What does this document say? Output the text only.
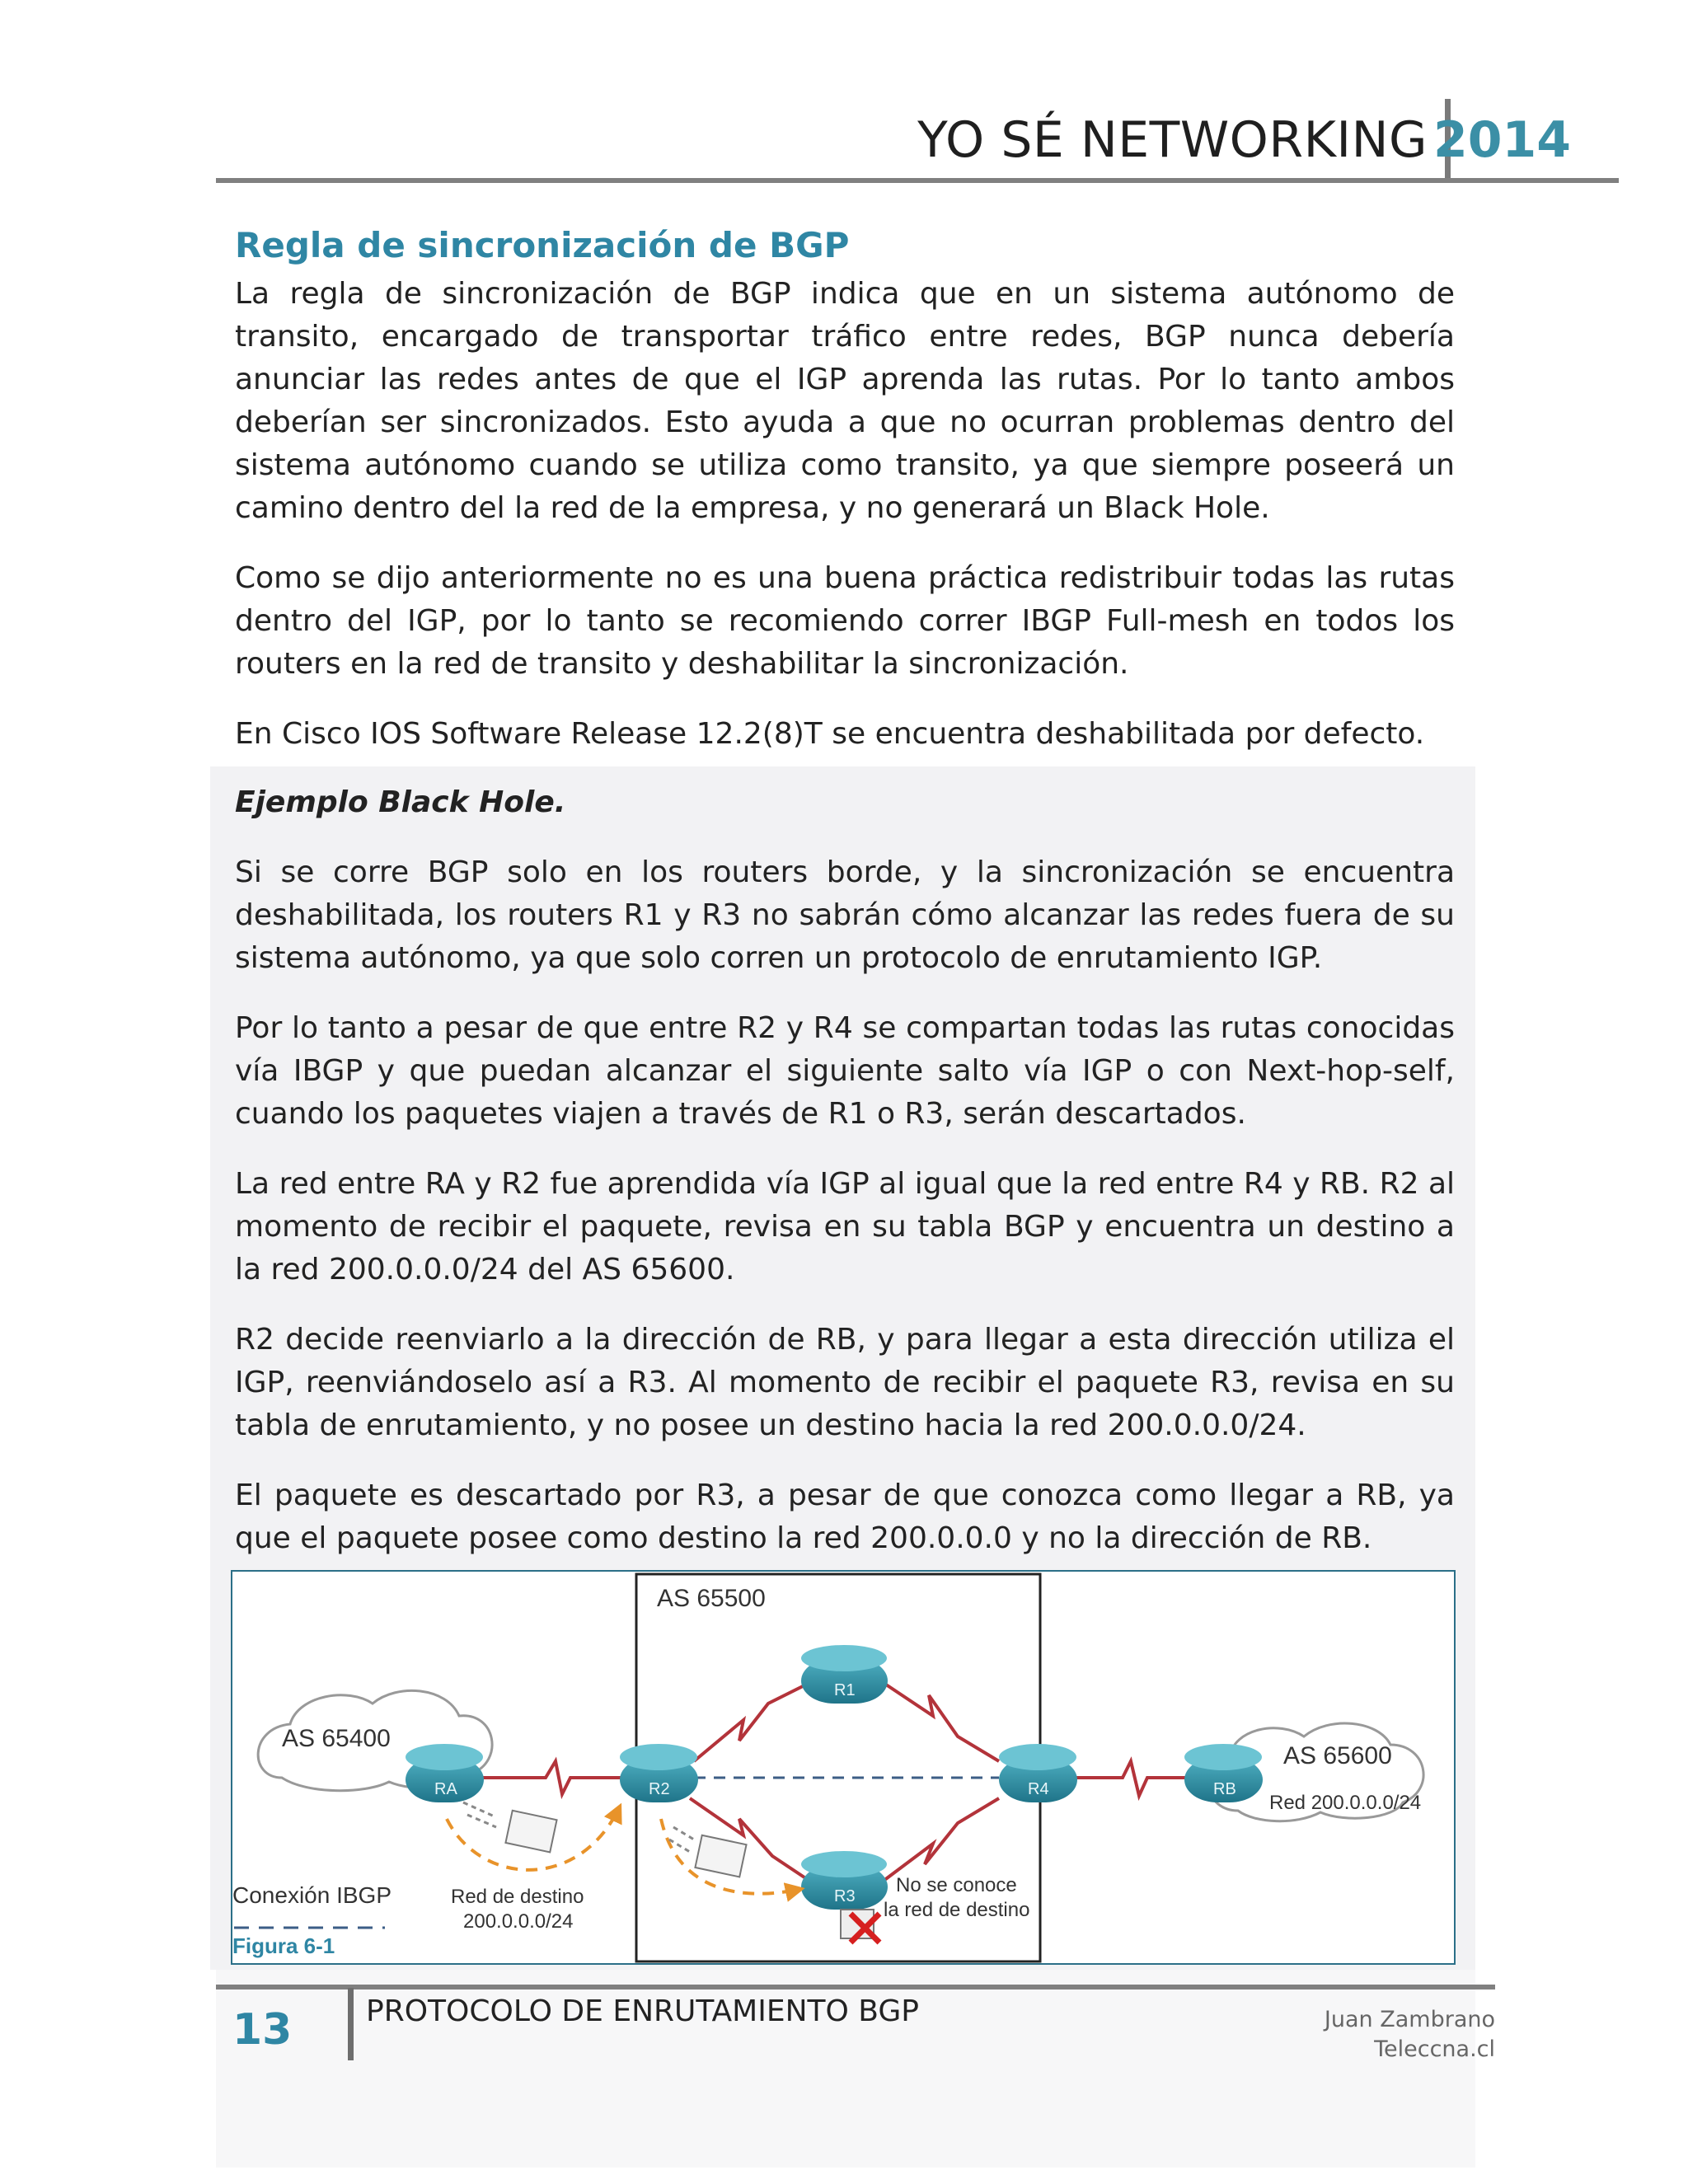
YO SÉ NETWORKING 2014
Regla de sincronización de BGP

La regla de sincronización de BGP indica que en un sistema autónomo de transito, encargado de transportar tráfico entre redes, BGP nunca debería anunciar las redes antes de que el IGP aprenda las rutas. Por lo tanto ambos deberían ser sincronizados. Esto ayuda a que no ocurran problemas dentro del sistema autónomo cuando se utiliza como transito, ya que siempre poseerá un camino dentro del la red de la empresa, y no generará un Black Hole.

Como se dijo anteriormente no es una buena práctica redistribuir todas las rutas dentro del IGP, por lo tanto se recomiendo correr IBGP Full-mesh en todos los routers en la red de transito y deshabilitar la sincronización.

En Cisco IOS Software Release 12.2(8)T se encuentra deshabilitada por defecto.

Ejemplo Black Hole.

Si se corre BGP solo en los routers borde, y la sincronización se encuentra deshabilitada, los routers R1 y R3 no sabrán cómo alcanzar las redes fuera de su sistema autónomo, ya que solo corren un protocolo de enrutamiento IGP.

Por lo tanto a pesar de que entre R2 y R4 se compartan todas las rutas conocidas vía IBGP y que puedan alcanzar el siguiente salto vía IGP o con Next-hop-self, cuando los paquetes viajen a través de R1 o R3, serán descartados.

La red entre RA y R2 fue aprendida vía IGP al igual que la red entre R4 y RB. R2 al momento de recibir el paquete, revisa en su tabla BGP y encuentra un destino a la red 200.0.0.0/24 del AS 65600.

R2 decide reenviarlo a la dirección de RB, y para llegar a esta dirección utiliza el IGP, reenviándoselo así a R3. Al momento de recibir el paquete R3, revisa en su tabla de enrutamiento, y no posee un destino hacia la red 200.0.0.0/24.

El paquete es descartado por R3, a pesar de que conozca como llegar a RB, ya que el paquete posee como destino la red 200.0.0.0 y no la dirección de RB.

AS 65500
AS 65400
AS 65600
Red 200.0.0.0/24
RA	R2
R1
R4
R3
RB
Conexión IBGP	Red de destino
200.0.0.0/24
No se conoce
la red de destino
Figura 6-1
13 PROTOCOLO DE ENRUTAMIENTO BGP	Juan Zambrano
Teleccna.cl
